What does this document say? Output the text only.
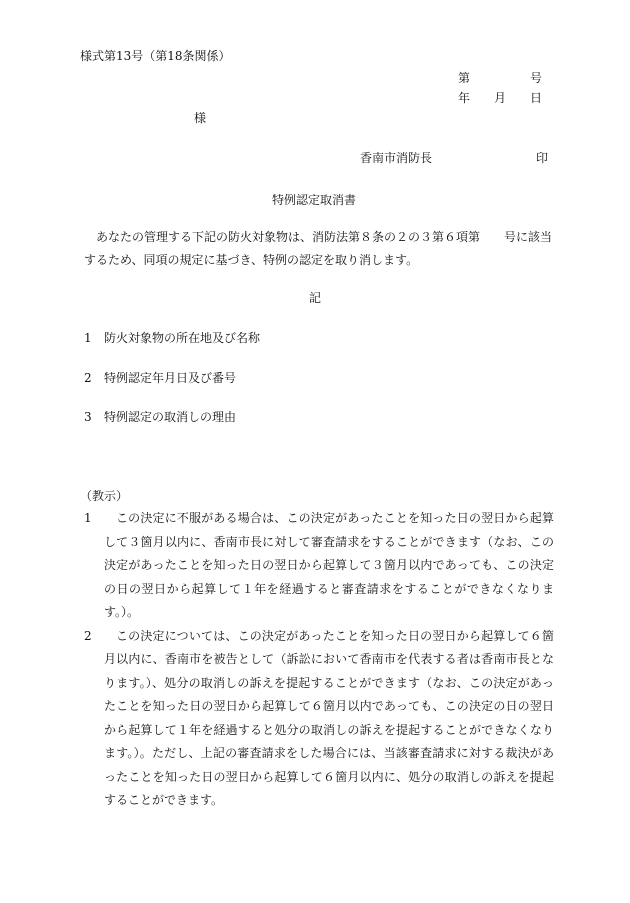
様式第13号（第18条関係）
第	号
年 月 日
様
香南市消防長	印
特例認定取消書
あなたの管理する下記の防火対象物は、消防法第８条の２の３第６項第　　号に該当するため、同項の規定に基づき、特例の認定を取り消します。
記
1 防火対象物の所在地及び名称
2 特例認定年月日及び番号
3 特例認定の取消しの理由
（教示）
1	この決定に不服がある場合は、この決定があったことを知った日の翌日から起算して３箇月以内に、香南市長に対して審査請求をすることができます（なお、この決定があったことを知った日の翌日から起算して３箇月以内であっても、この決定の日の翌日から起算して１年を経過すると審査請求をすることができなくなります。）。
2	この決定については、この決定があったことを知った日の翌日から起算して６箇月以内に、香南市を被告として（訴訟において香南市を代表する者は香南市長となります。）、処分の取消しの訴えを提起することができます（なお、この決定があったことを知った日の翌日から起算して６箇月以内であっても、この決定の日の翌日から起算して１年を経過すると処分の取消しの訴えを提起することができなくなります。）。ただし、上記の審査請求をした場合には、当該審査請求に対する裁決があったことを知った日の翌日から起算して６箇月以内に、処分の取消しの訴えを提起することができます。
